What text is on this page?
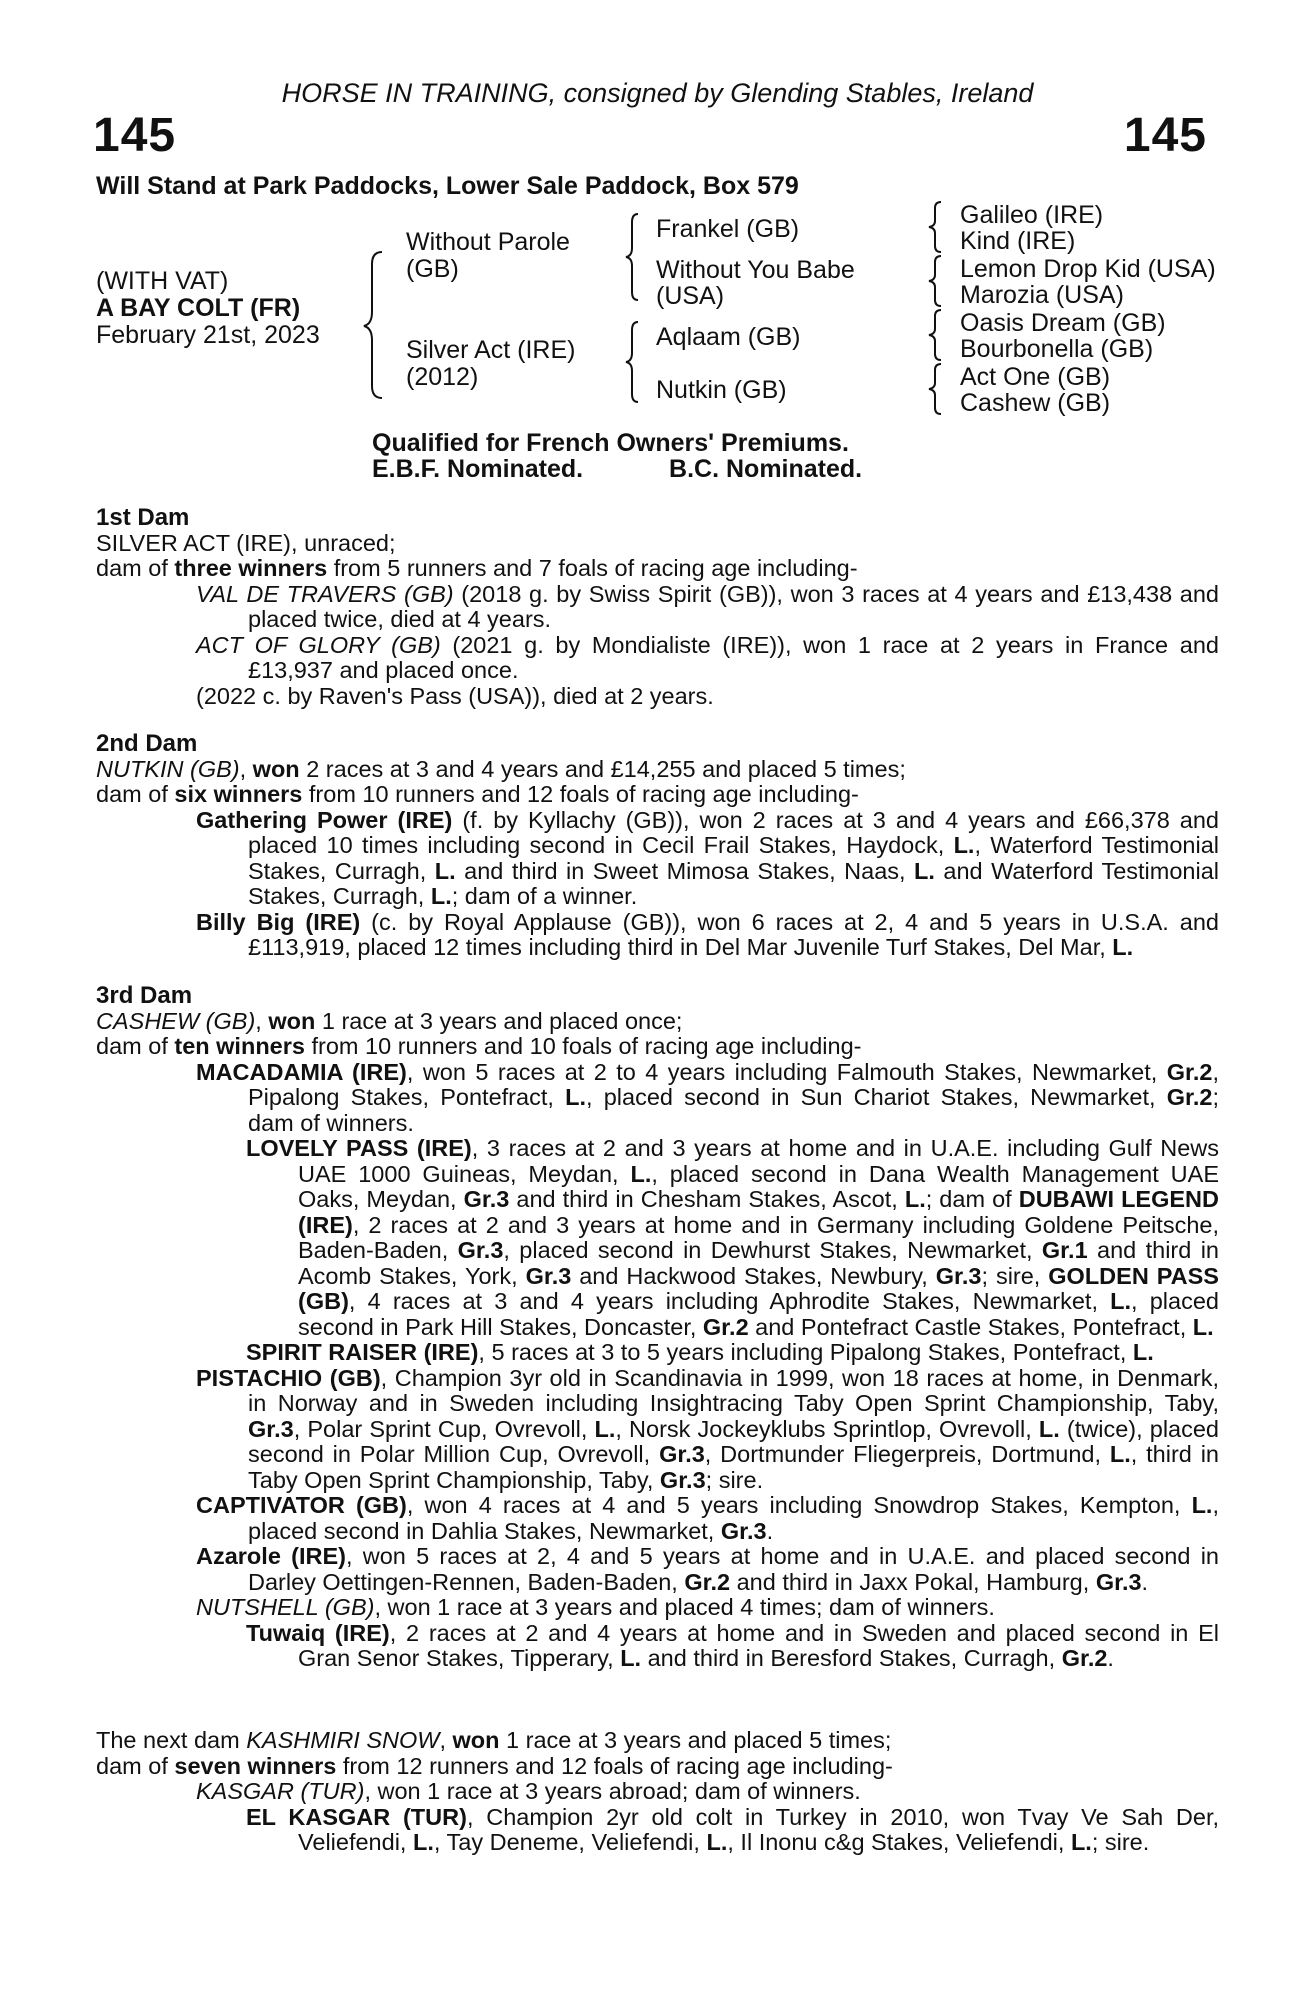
HORSE IN TRAINING, consigned by Glending Stables, Ireland
145	145
Will Stand at Park Paddocks, Lower Sale Paddock, Box 579
(WITH VAT)
A BAY COLT (FR)
February 21st, 2023
Without Parole
(GB)
Silver Act (IRE)
(2012)
Frankel (GB)
Without You Babe
(USA)
Aqlaam (GB)
Nutkin (GB)
Galileo (IRE)
Kind (IRE)
Lemon Drop Kid (USA)
Marozia (USA)
Oasis Dream (GB)
Bourbonella (GB)
Act One (GB)
Cashew (GB)
Qualified for French Owners' Premiums.
E.B.F. Nominated.	B.C. Nominated.
1st Dam

SILVER ACT (IRE), unraced;

dam of three winners from 5 runners and 7 foals of racing age including-

VAL DE TRAVERS (GB) (2018 g. by Swiss Spirit (GB)), won 3 races at 4 years and £13,438 and placed twice, died at 4 years.

ACT OF GLORY (GB) (2021 g. by Mondialiste (IRE)), won 1 race at 2 years in France and £13,937 and placed once.

(2022 c. by Raven's Pass (USA)), died at 2 years.

2nd Dam

NUTKIN (GB), won 2 races at 3 and 4 years and £14,255 and placed 5 times;

dam of six winners from 10 runners and 12 foals of racing age including-

Gathering Power (IRE) (f. by Kyllachy (GB)), won 2 races at 3 and 4 years and £66,378 and placed 10 times including second in Cecil Frail Stakes, Haydock, L., Waterford Testimonial Stakes, Curragh, L. and third in Sweet Mimosa Stakes, Naas, L. and Waterford Testimonial Stakes, Curragh, L.; dam of a winner.

Billy Big (IRE) (c. by Royal Applause (GB)), won 6 races at 2, 4 and 5 years in U.S.A. and £113,919, placed 12 times including third in Del Mar Juvenile Turf Stakes, Del Mar, L.

3rd Dam

CASHEW (GB), won 1 race at 3 years and placed once;

dam of ten winners from 10 runners and 10 foals of racing age including-

MACADAMIA (IRE), won 5 races at 2 to 4 years including Falmouth Stakes, Newmarket, Gr.2, Pipalong Stakes, Pontefract, L., placed second in Sun Chariot Stakes, Newmarket, Gr.2; dam of winners.

LOVELY PASS (IRE), 3 races at 2 and 3 years at home and in U.A.E. including Gulf News UAE 1000 Guineas, Meydan, L., placed second in Dana Wealth Management UAE Oaks, Meydan, Gr.3 and third in Chesham Stakes, Ascot, L.; dam of DUBAWI LEGEND (IRE), 2 races at 2 and 3 years at home and in Germany including Goldene Peitsche, Baden-Baden, Gr.3, placed second in Dewhurst Stakes, Newmarket, Gr.1 and third in Acomb Stakes, York, Gr.3 and Hackwood Stakes, Newbury, Gr.3; sire, GOLDEN PASS (GB), 4 races at 3 and 4 years including Aphrodite Stakes, Newmarket, L., placed second in Park Hill Stakes, Doncaster, Gr.2 and Pontefract Castle Stakes, Pontefract, L.

SPIRIT RAISER (IRE), 5 races at 3 to 5 years including Pipalong Stakes, Pontefract, L.

PISTACHIO (GB), Champion 3yr old in Scandinavia in 1999, won 18 races at home, in Denmark, in Norway and in Sweden including Insightracing Taby Open Sprint Championship, Taby, Gr.3, Polar Sprint Cup, Ovrevoll, L., Norsk Jockeyklubs Sprintlop, Ovrevoll, L. (twice), placed second in Polar Million Cup, Ovrevoll, Gr.3, Dortmunder Fliegerpreis, Dortmund, L., third in Taby Open Sprint Championship, Taby, Gr.3; sire.

CAPTIVATOR (GB), won 4 races at 4 and 5 years including Snowdrop Stakes, Kempton, L., placed second in Dahlia Stakes, Newmarket, Gr.3.

Azarole (IRE), won 5 races at 2, 4 and 5 years at home and in U.A.E. and placed second in Darley Oettingen-Rennen, Baden-Baden, Gr.2 and third in Jaxx Pokal, Hamburg, Gr.3.

NUTSHELL (GB), won 1 race at 3 years and placed 4 times; dam of winners.

Tuwaiq (IRE), 2 races at 2 and 4 years at home and in Sweden and placed second in El Gran Senor Stakes, Tipperary, L. and third in Beresford Stakes, Curragh, Gr.2.

The next dam KASHMIRI SNOW, won 1 race at 3 years and placed 5 times;

dam of seven winners from 12 runners and 12 foals of racing age including-

KASGAR (TUR), won 1 race at 3 years abroad; dam of winners.

EL KASGAR (TUR), Champion 2yr old colt in Turkey in 2010, won Tvay Ve Sah Der, Veliefendi, L., Tay Deneme, Veliefendi, L., Il Inonu c&g Stakes, Veliefendi, L.; sire.
